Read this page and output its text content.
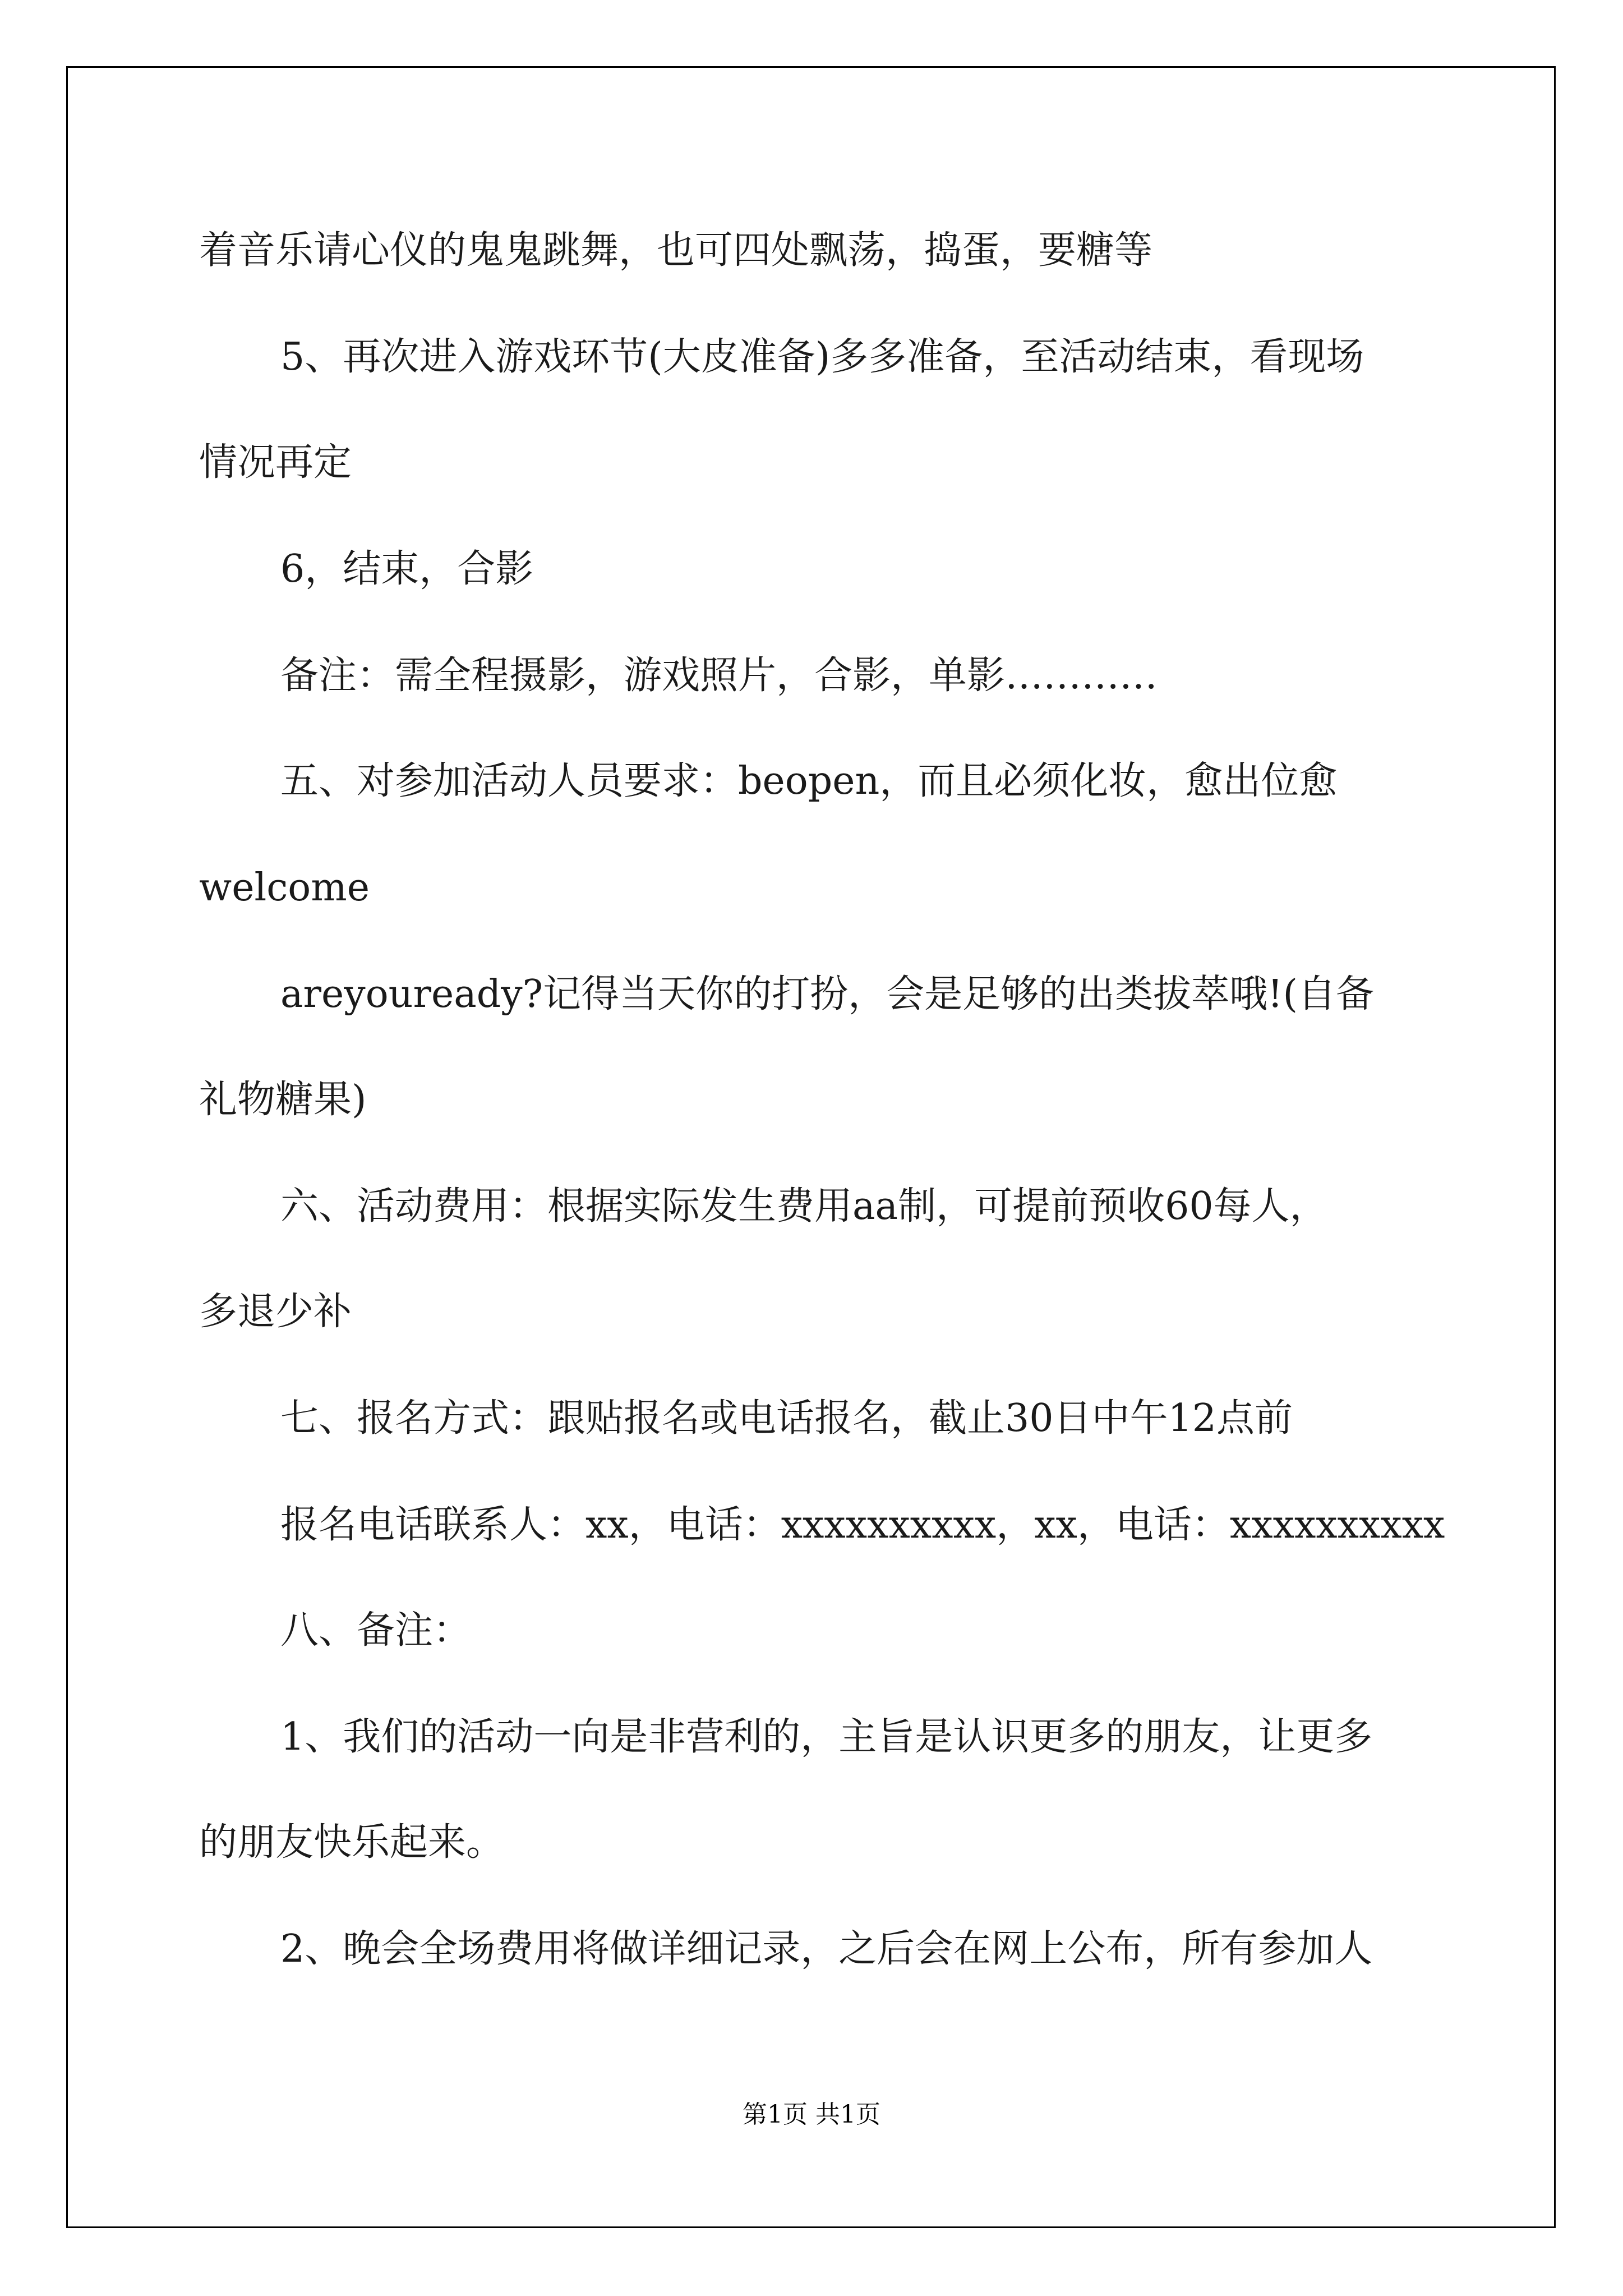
着音乐请心仪的鬼鬼跳舞，也可四处飘荡，捣蛋，要糖等
5、再次进入游戏环节(大皮准备)多多准备，至活动结束，看现场
情况再定
6，结束，合影
备注：需全程摄影，游戏照片，合影，单影…………
五、对参加活动人员要求：beopen，而且必须化妆，愈出位愈
welcome
areyouready?记得当天你的打扮，会是足够的出类拔萃哦!(自备
礼物糖果)
六、活动费用：根据实际发生费用aa制，可提前预收60每人，
多退少补
七、报名方式：跟贴报名或电话报名，截止30日中午12点前
报名电话联系人：xx，电话：xxxxxxxxxx，xx，电话：xxxxxxxxxx
八、备注：
1、我们的活动一向是非营利的，主旨是认识更多的朋友，让更多
的朋友快乐起来。
2、晚会全场费用将做详细记录，之后会在网上公布，所有参加人
第1页 共1页
